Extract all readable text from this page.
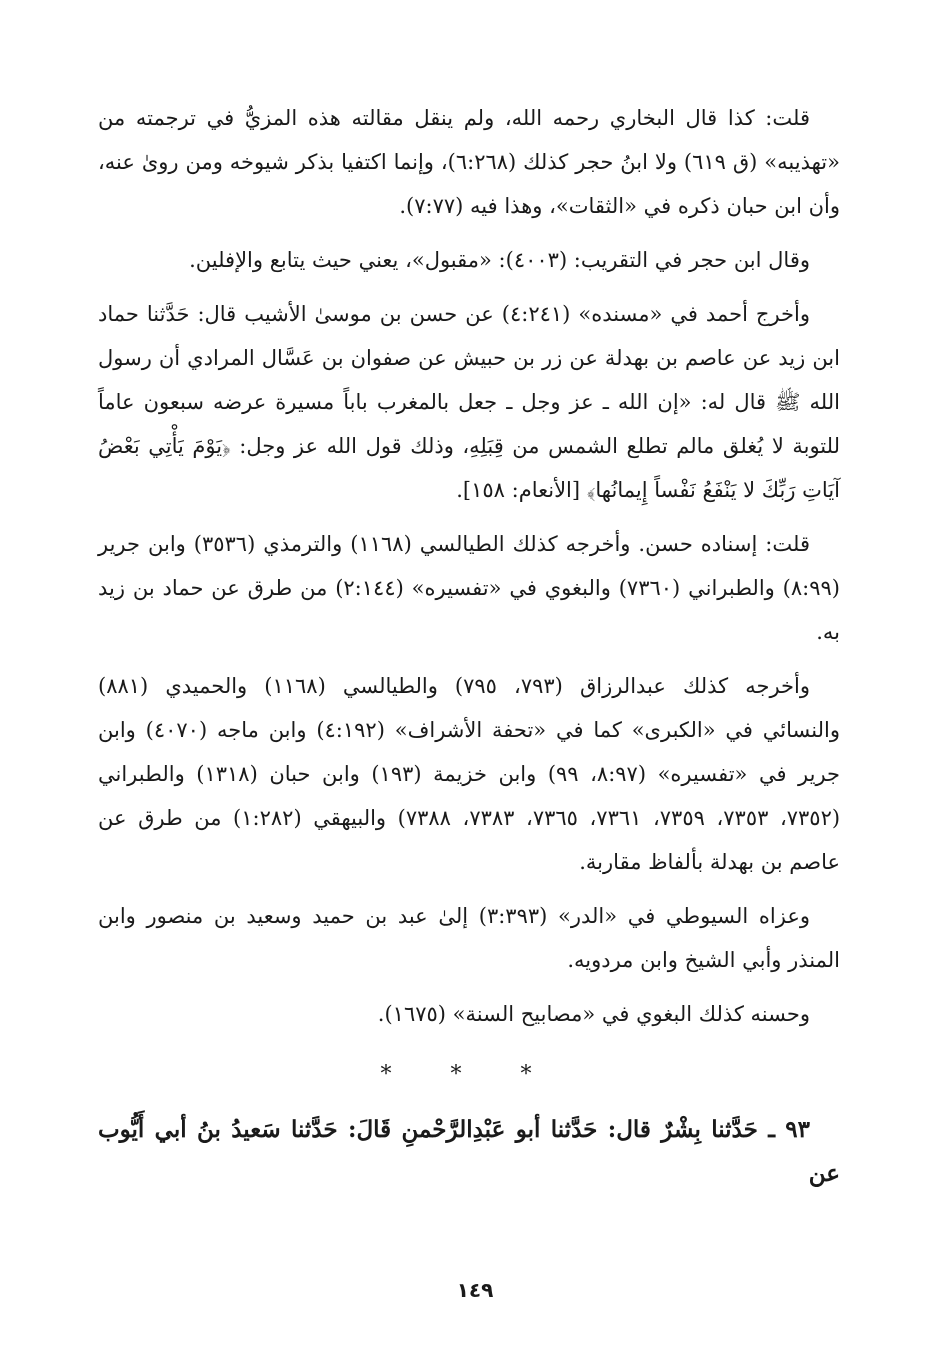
قلت: كذا قال البخاري رحمه الله، ولم ينقل مقالته هذه المزيُّ في ترجمته من «تهذيبه» (ق ٦١٩) ولا ابنُ حجر كذلك (٦:٢٦٨)، وإنما اكتفيا بذكر شيوخه ومن روىٰ عنه، وأن ابن حبان ذكره في «الثقات»، وهذا فيه (٧:٧٧).

وقال ابن حجر في التقريب: (٤٠٠٣): «مقبول»، يعني حيث يتابع والإفلين.

وأخرج أحمد في «مسنده» (٤:٢٤١) عن حسن بن موسىٰ الأشيب قال: حَدَّثنا حماد ابن زيد عن عاصم بن بهدلة عن زر بن حبيش عن صفوان بن عَسَّال المرادي أن رسول الله ﷺ قال له: «إن الله ـ عز وجل ـ جعل بالمغرب باباً مسيرة عرضه سبعون عاماً للتوبة لا يُغلق مالم تطلع الشمس من قِبَلِهِ، وذلك قول الله عز وجل: ﴿يَوْمَ يَأْتِي بَعْضُ آيَاتِ رَبِّكَ لا يَنْفَعُ نَفْساً إِيمانُها﴾ [الأنعام: ١٥٨].

قلت: إسناده حسن. وأخرجه كذلك الطيالسي (١١٦٨) والترمذي (٣٥٣٦) وابن جرير (٨:٩٩) والطبراني (٧٣٦٠) والبغوي في «تفسيره» (٢:١٤٤) من طرق عن حماد بن زيد به.

وأخرجه كذلك عبدالرزاق (٧٩٣، ٧٩٥) والطيالسي (١١٦٨) والحميدي (٨٨١) والنسائي في «الكبرى» كما في «تحفة الأشراف» (٤:١٩٢) وابن ماجه (٤٠٧٠) وابن جرير في «تفسيره» (٨:٩٧، ٩٩) وابن خزيمة (١٩٣) وابن حبان (١٣١٨) والطبراني (٧٣٥٢، ٧٣٥٣، ٧٣٥٩، ٧٣٦١، ٧٣٦٥، ٧٣٨٣، ٧٣٨٨) والبيهقي (١:٢٨٢) من طرق عن عاصم بن بهدلة بألفاظ مقاربة.

وعزاه السيوطي في «الدر» (٣:٣٩٣) إلىٰ عبد بن حميد وسعيد بن منصور وابن المنذر وأبي الشيخ وابن مردويه.

وحسنه كذلك البغوي في «مصابيح السنة» (١٦٧٥).

* * *

٩٣ ـ حَدَّثنا بِشْرٌ قال: حَدَّثنا أبو عَبْدِالرَّحْمنِ قَالَ: حَدَّثنا سَعيدُ بنُ أبي أَيُّوب عن

١٤٩
